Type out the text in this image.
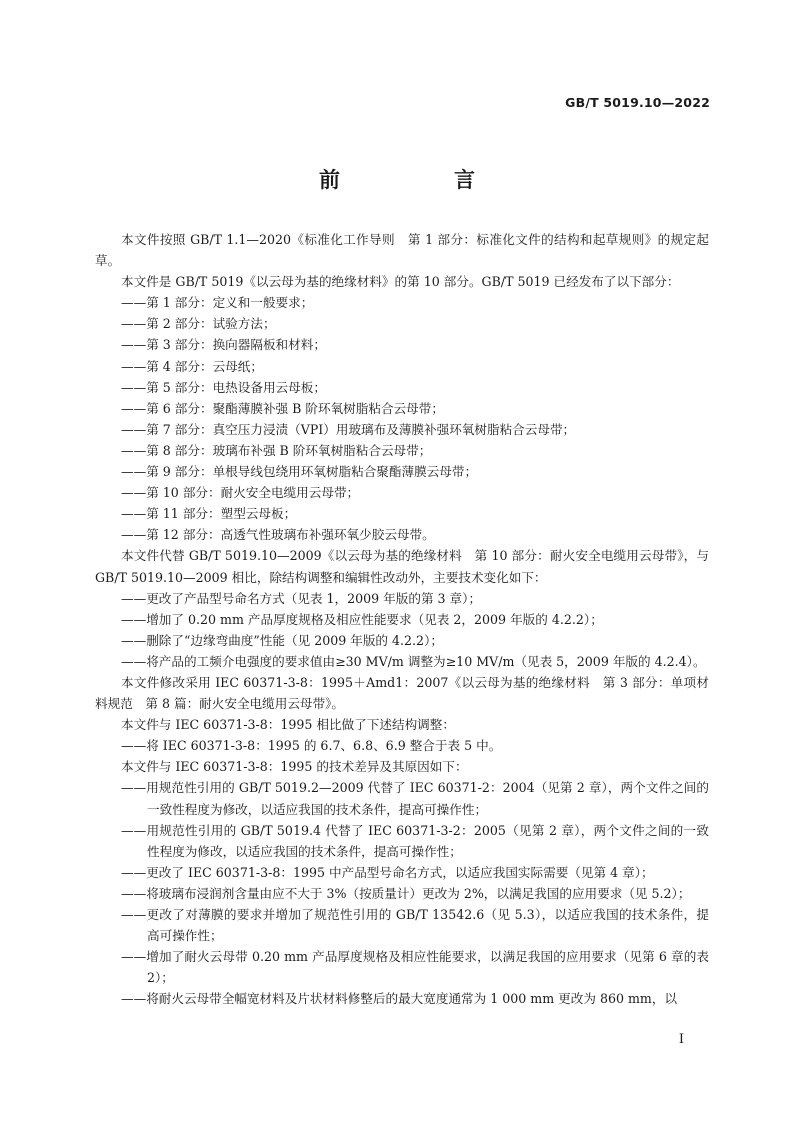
GB/T 5019.10—2022
前　　言

本文件按照 GB/T 1.1—2020《标准化工作导则　第 1 部分：标准化文件的结构和起草规则》的规定起草。

本文件是 GB/T 5019《以云母为基的绝缘材料》的第 10 部分。GB/T 5019 已经发布了以下部分：

——第 1 部分：定义和一般要求；

——第 2 部分：试验方法；

——第 3 部分：换向器隔板和材料；

——第 4 部分：云母纸；

——第 5 部分：电热设备用云母板；

——第 6 部分：聚酯薄膜补强 B 阶环氧树脂粘合云母带；

——第 7 部分：真空压力浸渍（VPI）用玻璃布及薄膜补强环氧树脂粘合云母带；

——第 8 部分：玻璃布补强 B 阶环氧树脂粘合云母带；

——第 9 部分：单根导线包绕用环氧树脂粘合聚酯薄膜云母带；

——第 10 部分：耐火安全电缆用云母带；

——第 11 部分：塑型云母板；

——第 12 部分：高透气性玻璃布补强环氧少胶云母带。

本文件代替 GB/T 5019.10—2009《以云母为基的绝缘材料　第 10 部分：耐火安全电缆用云母带》，与 GB/T 5019.10—2009 相比，除结构调整和编辑性改动外，主要技术变化如下：

——更改了产品型号命名方式（见表 1，2009 年版的第 3 章）；

——增加了 0.20 mm 产品厚度规格及相应性能要求（见表 2，2009 年版的 4.2.2）；

——删除了“边缘弯曲度”性能（见 2009 年版的 4.2.2）；

——将产品的工频介电强度的要求值由≥30 MV/m 调整为≥10 MV/m（见表 5，2009 年版的 4.2.4）。

本文件修改采用 IEC 60371-3-8：1995＋Amd1：2007《以云母为基的绝缘材料　第 3 部分：单项材料规范　第 8 篇：耐火安全电缆用云母带》。

本文件与 IEC 60371-3-8：1995 相比做了下述结构调整：

——将 IEC 60371-3-8：1995 的 6.7、6.8、6.9 整合于表 5 中。

本文件与 IEC 60371-3-8：1995 的技术差异及其原因如下：

——用规范性引用的 GB/T 5019.2—2009 代替了 IEC 60371-2：2004（见第 2 章），两个文件之间的一致性程度为修改，以适应我国的技术条件，提高可操作性；

——用规范性引用的 GB/T 5019.4 代替了 IEC 60371-3-2：2005（见第 2 章），两个文件之间的一致性程度为修改，以适应我国的技术条件，提高可操作性；

——更改了 IEC 60371-3-8：1995 中产品型号命名方式，以适应我国实际需要（见第 4 章）；

——将玻璃布浸润剂含量由应不大于 3%（按质量计）更改为 2%，以满足我国的应用要求（见 5.2）；

——更改了对薄膜的要求并增加了规范性引用的 GB/T 13542.6（见 5.3），以适应我国的技术条件，提高可操作性；

——增加了耐火云母带 0.20 mm 产品厚度规格及相应性能要求，以满足我国的应用要求（见第 6 章的表 2）；

——将耐火云母带全幅宽材料及片状材料修整后的最大宽度通常为 1 000 mm 更改为 860 mm，以

I
